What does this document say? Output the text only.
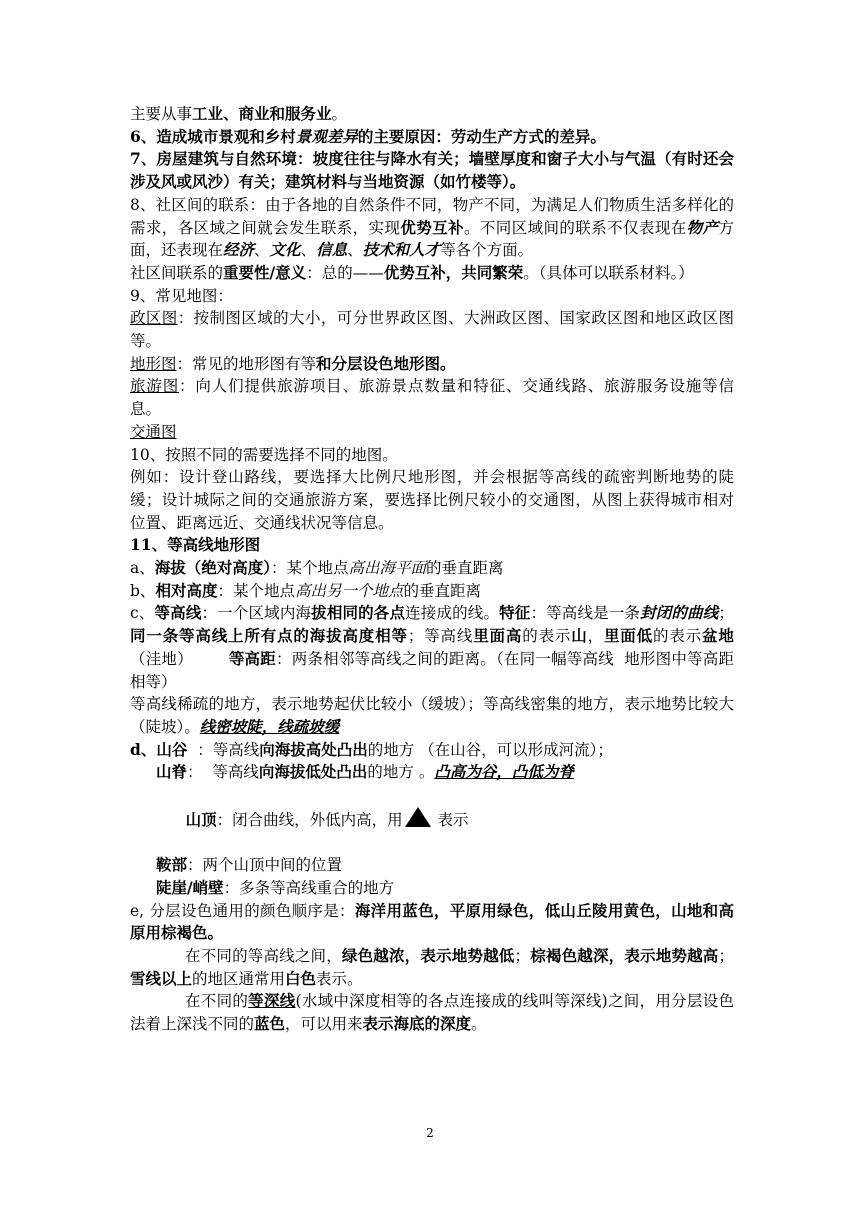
主要从事工业、商业和服务业。

6、造成城市景观和乡村景观差异的主要原因：劳动生产方式的差异。

7、房屋建筑与自然环境：坡度往往与降水有关；墙壁厚度和窗子大小与气温（有时还会涉及风或风沙）有关；建筑材料与当地资源（如竹楼等）。

8、社区间的联系：由于各地的自然条件不同，物产不同，为满足人们物质生活多样化的需求，各区域之间就会发生联系，实现优势互补。不同区域间的联系不仅表现在物产方面，还表现在经济、文化、信息、技术和人才等各个方面。

社区间联系的重要性/意义：总的——优势互补，共同繁荣。（具体可以联系材料。）

9、常见地图：

政区图：按制图区域的大小，可分世界政区图、大洲政区图、国家政区图和地区政区图等。

地形图：常见的地形图有等和分层设色地形图。

旅游图：向人们提供旅游项目、旅游景点数量和特征、交通线路、旅游服务设施等信息。

交通图

10、按照不同的需要选择不同的地图。

例如：设计登山路线，要选择大比例尺地形图，并会根据等高线的疏密判断地势的陡缓；设计城际之间的交通旅游方案，要选择比例尺较小的交通图，从图上获得城市相对位置、距离远近、交通线状况等信息。

11、等高线地形图

a、海拔（绝对高度）：某个地点高出海平面的垂直距离

b、相对高度：某个地点高出另一个地点的垂直距离

c、等高线：一个区域内海拔相同的各点连接成的线。特征：等高线是一条封闭的曲线；同一条等高线上所有点的海拔高度相等；等高线里面高的表示山，里面低的表示盆地（洼地）       等高距：两条相邻等高线之间的距离。（在同一幅等高线  地形图中等高距相等）

等高线稀疏的地方，表示地势起伏比较小（缓坡）；等高线密集的地方，表示地势比较大（陡坡）。线密坡陡，线疏坡缓

d、山谷  ：等高线向海拔高处凸出的地方 （在山谷，可以形成河流）；

山脊：  等高线向海拔低处凸出的地方 。凸高为谷，凸低为脊

山顶：闭合曲线，外低内高，用 表示

鞍部：两个山顶中间的位置

陡崖/峭壁：多条等高线重合的地方

e, 分层设色通用的颜色顺序是：海洋用蓝色，平原用绿色，低山丘陵用黄色，山地和高原用棕褐色。

在不同的等高线之间，绿色越浓，表示地势越低；棕褐色越深，表示地势越高；雪线以上的地区通常用白色表示。

在不同的等深线(水域中深度相等的各点连接成的线叫等深线)之间，用分层设色法着上深浅不同的蓝色，可以用来表示海底的深度。

2
